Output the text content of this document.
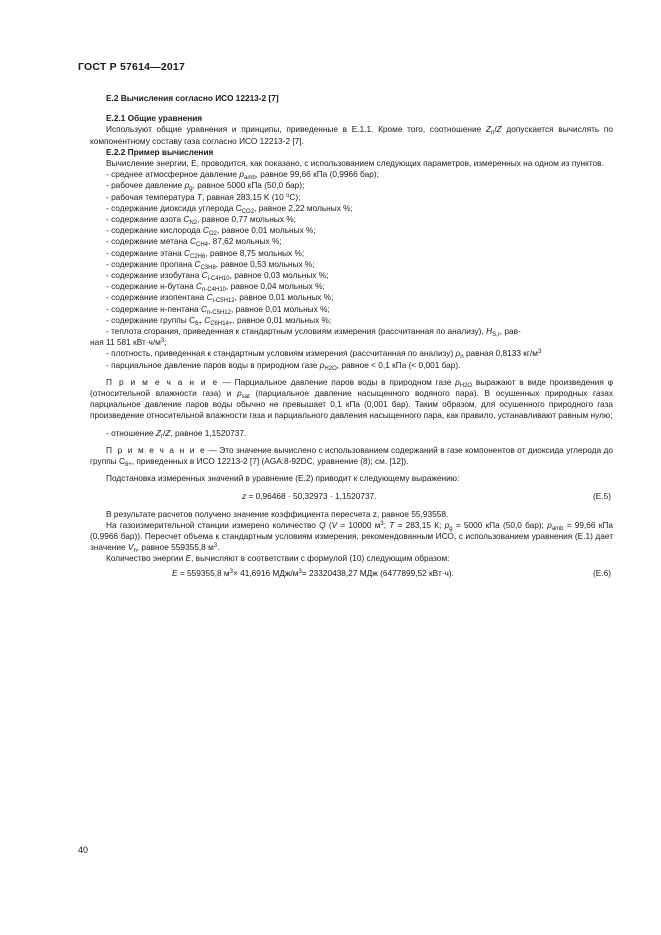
ГОСТ Р 57614—2017

E.2 Вычисления согласно ИСО 12213-2 [7]

E.2.1 Общие уравнения

Используют общие уравнения и принципы, приведенные в Е.1.1. Кроме того, соотношение $Z_n/Z$ допускается вычислять по компонентному составу газа согласно ИСО 12213-2 [7].

E.2.2 Пример вычисления

Вычисление энергии, E, проводится, как показано, с использованием следующих параметров, измеренных на одном из пунктов.

- среднее атмосферное давление $p_{amb}$, равное 99,66 кПа (0,9966 бар);

- рабочее давление $p_g$, равное 5000 кПа (50,0 бар);

- рабочая температура T, равная 283,15 K (10 $^o$C);

- содержание диоксида углерода $C_{CO2}$, равное 2,22 мольных %;

- содержание азота $C_{N2}$, равное 0,77 мольных %;

- содержание кислорода $C_{O2}$, равное 0,01 мольных %;

- содержание метана $C_{CH4}$, 87,62 мольных %;

- содержание этана $C_{C2H6}$, равное 8,75 мольных %;

- содержание пропана $C_{C3H8}$, равное 0,53 мольных %;

- содержание изобутана $C_{i-C4H10}$, равное 0,03 мольных %;

- содержание н-бутана $C_{n-C4H10}$, равное 0,04 мольных %;

- содержание изопентана $C_{i-C5H12}$, равное 0,01 мольных %;

- содержание н-пентана $C_{n-C5H12}$, равное 0,01 мольных %;

- содержание группы $C_{6+}$ $C_{C6H14+}$, равное 0,01 мольных %;

- теплота сгорания, приведенная к стандартным условиям измерения (рассчитанная по анализу), $H_{S,r}$, рав-
ная 11 581 $кВт\cdot ч/м^3$;

- плотность, приведенная к стандартным условиям измерения (рассчитанная по анализу) $\rho_n$ равная 0,8133 $кг/м^3$

- парциальное давление паров воды в природном газе $p_{H2O}$, равное < 0,1 кПа (< 0,001 бар).

П р и м е ч а н и е — Парциальное давление паров воды в природном газе $p_{H2O}$ выражают в виде произведения φ (относительной влажности газа) и $p_{sat}$ (парциальное давление насыщенного водяного пара). В осушенных природных газах парциальное давление паров воды обычно не превышает 0,1 кПа (0,001 бар). Таким образом, для осушенного природного газа произведение относительной влажности газа и парциального давления насыщенного пара, как правило, устанавливают равным нулю;

- отношение $Z_r/Z$, равное 1,1520737.

П р и м е ч а н и е — Это значение вычислено с использованием содержаний в газе компонентов от диоксида углерода до группы $C_{6+}$, приведенных в ИСО 12213-2 [7] (AGA:8-92DC, уравнение (8); см. [12]).

Подстановка измеренных значений в уравнение (Е.2) приводит к следующему выражению:

z = 0,96468 · 50,32973 · 1,1520737.	(E.5)

В результате расчетов получено значение коэффициента пересчета z, равное 55,93558.

На газоизмерительной станции измерено количество Q (V = 10000 $м^3$; T = 283,15 К; $p_g = 5000$ кПа (50,0 бар); $p_{amb} = 99,66$ кПа (0,9966 бар)). Пересчет объема к стандартным условиям измерения, рекомендованным ИСО, с использованием уравнения (Е.1) дает значение $V_n$, равное 559355,8 $м^3$.

Количество энергии E, вычисляют в соответствии с формулой (10) следующим образом:

E = 559355,8 $м^3\times 41,6916$ МДж/$м^3= 23320438,27$ МДж (6477899,52 кВт·ч).	(E.6)
40
